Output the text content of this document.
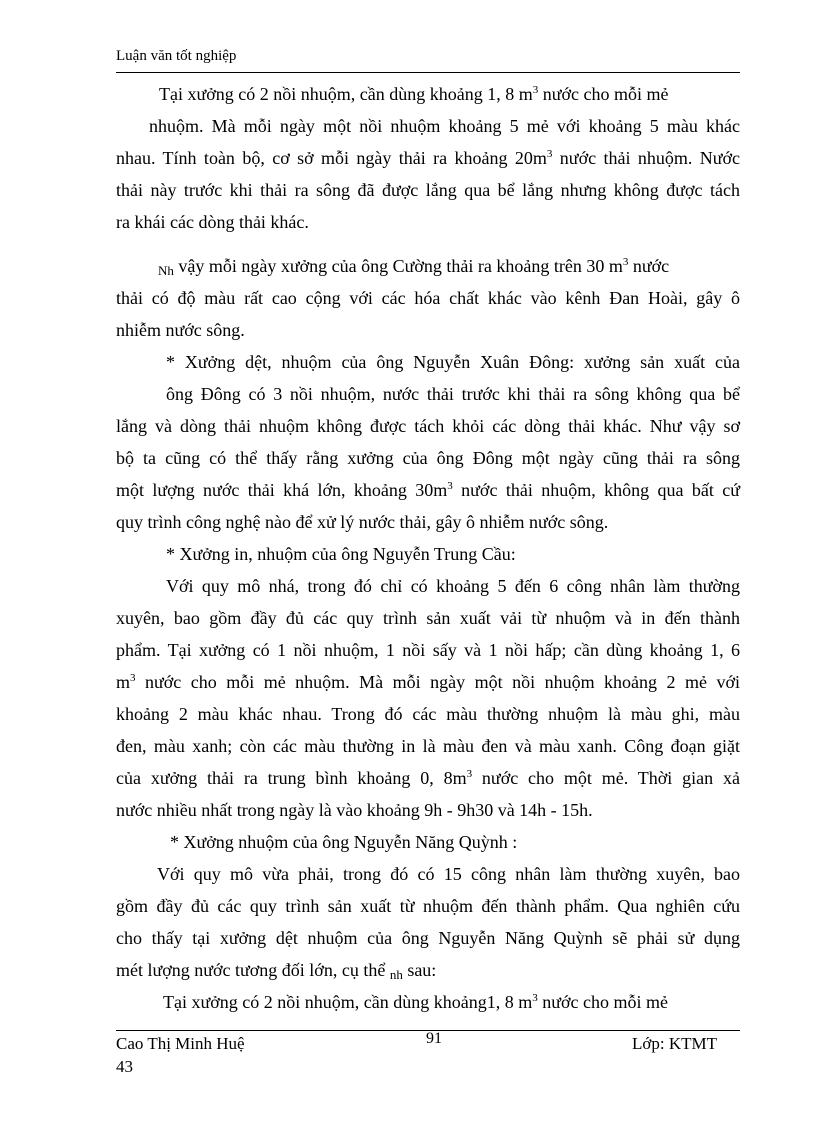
Luận văn tốt nghiệp
Tại xưởng có 2 nồi nhuộm, cần dùng khoảng 1, 8 $m^3$ nước cho mỗi mẻ
nhuộm. Mà mỗi ngày một nồi nhuộm khoảng 5 mẻ với khoảng 5 màu khác
nhau. Tính toàn bộ, cơ sở mỗi ngày thải ra khoảng $20m^3$ nước thải nhuộm. Nước
thải này trước khi thải ra sông đã được lắng qua bể lắng nhưng không được tách
ra khái các dòng thải khác.
Nh vậy mỗi ngày xưởng của ông Cường thải ra khoảng trên 30 $m^3$ nước
thải có độ màu rất cao cộng với các hóa chất khác vào kênh Đan Hoài, gây ô
nhiễm nước sông.
* Xưởng dệt, nhuộm của ông Nguyễn Xuân Đông: xưởng sản xuất của
ông Đông có 3 nồi nhuộm, nước thải trước khi thải ra sông không qua bể
lắng và dòng thải nhuộm không được tách khỏi các dòng thải khác. Như vậy sơ
bộ ta cũng có thể thấy rằng xưởng của ông Đông một ngày cũng thải ra sông
một lượng nước thải khá lớn, khoảng $30m^3$ nước thải nhuộm, không qua bất cứ
quy trình công nghệ nào để xử lý nước thải, gây ô nhiễm nước sông.
* Xưởng in, nhuộm của ông Nguyễn Trung Cầu:
Với quy mô nhá, trong đó chỉ có khoảng 5 đến 6 công nhân làm thường
xuyên, bao gồm đầy đủ các quy trình sản xuất vải từ nhuộm và in đến thành
phẩm. Tại xưởng có 1 nồi nhuộm, 1 nồi sấy và 1 nồi hấp; cần dùng khoảng 1, 6
$m^3$ nước cho mỗi mẻ nhuộm. Mà mỗi ngày một nồi nhuộm khoảng 2 mẻ với
khoảng 2 màu khác nhau. Trong đó các màu thường nhuộm là màu ghi, màu
đen, màu xanh; còn các màu thường in là màu đen và màu xanh. Công đoạn giặt
của xưởng thải ra trung bình khoảng 0, $8m^3$ nước cho một mẻ. Thời gian xả
nước nhiều nhất trong ngày là vào khoảng 9h - 9h30 và 14h - 15h.
* Xưởng nhuộm của ông Nguyễn Năng Quỳnh :
Với quy mô vừa phải, trong đó có 15 công nhân làm thường xuyên, bao
gồm đầy đủ các quy trình sản xuất từ nhuộm đến thành phẩm. Qua nghiên cứu
cho thấy tại xưởng dệt nhuộm của ông Nguyễn Năng Quỳnh sẽ phải sử dụng
mét lượng nước tương đối lớn, cụ thể nh sau:
Tại xưởng có 2 nồi nhuộm, cần dùng khoảng1, 8 $m^3$ nước cho mỗi mẻ
Cao Thị Minh Huệ	91	Lớp: KTMT
43
